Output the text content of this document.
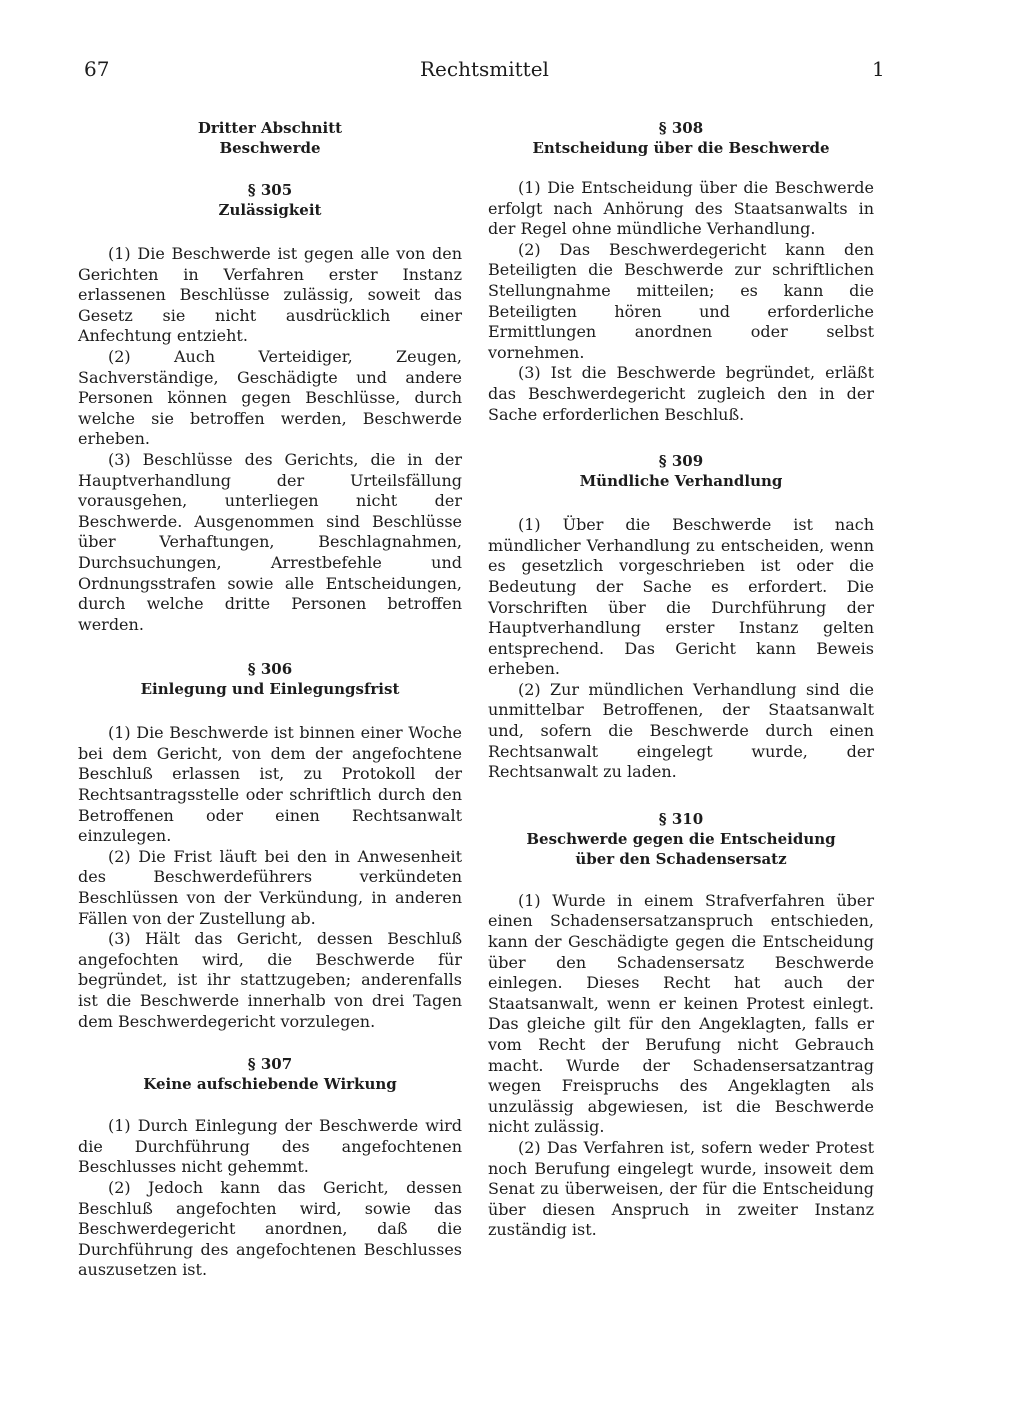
67	Rechtsmittel	1
Dritter Abschnitt
Beschwerde
§ 305
Zulässigkeit

(1) Die Beschwerde ist gegen alle von den Gerichten in Verfahren erster Instanz erlassenen Beschlüsse zulässig, soweit das Gesetz sie nicht ausdrücklich einer Anfechtung entzieht.

(2) Auch Verteidiger, Zeugen, Sachverständige, Geschädigte und andere Personen können gegen Beschlüsse, durch welche sie betroffen werden, Beschwerde erheben.

(3) Beschlüsse des Gerichts, die in der Hauptverhandlung der Urteilsfällung vorausgehen, unterliegen nicht der Beschwerde. Ausgenommen sind Beschlüsse über Verhaftungen, Beschlagnahmen, Durchsuchungen, Arrestbefehle und Ordnungsstrafen sowie alle Entscheidungen, durch welche dritte Personen betroffen werden.

§ 306
Einlegung und Einlegungsfrist

(1) Die Beschwerde ist binnen einer Woche bei dem Gericht, von dem der angefochtene Beschluß erlassen ist, zu Protokoll der Rechtsantragsstelle oder schriftlich durch den Betroffenen oder einen Rechtsanwalt einzulegen.

(2) Die Frist läuft bei den in Anwesenheit des Beschwerdeführers verkündeten Beschlüssen von der Verkündung, in anderen Fällen von der Zustellung ab.

(3) Hält das Gericht, dessen Beschluß angefochten wird, die Beschwerde für begründet, ist ihr stattzugeben; anderenfalls ist die Beschwerde innerhalb von drei Tagen dem Beschwerdegericht vorzulegen.

§ 307
Keine aufschiebende Wirkung

(1) Durch Einlegung der Beschwerde wird die Durchführung des angefochtenen Beschlusses nicht gehemmt.

(2) Jedoch kann das Gericht, dessen Beschluß angefochten wird, sowie das Beschwerdegericht anordnen, daß die Durchführung des angefochtenen Beschlusses auszusetzen ist.

§ 308
Entscheidung über die Beschwerde

(1) Die Entscheidung über die Beschwerde erfolgt nach Anhörung des Staatsanwalts in der Regel ohne mündliche Verhandlung.

(2) Das Beschwerdegericht kann den Beteiligten die Beschwerde zur schriftlichen Stellungnahme mitteilen; es kann die Beteiligten hören und erforderliche Ermittlungen anordnen oder selbst vornehmen.

(3) Ist die Beschwerde begründet, erläßt das Beschwerdegericht zugleich den in der Sache erforderlichen Beschluß.

§ 309
Mündliche Verhandlung

(1) Über die Beschwerde ist nach mündlicher Verhandlung zu entscheiden, wenn es gesetzlich vorgeschrieben ist oder die Bedeutung der Sache es erfordert. Die Vorschriften über die Durchführung der Hauptverhandlung erster Instanz gelten entsprechend. Das Gericht kann Beweis erheben.

(2) Zur mündlichen Verhandlung sind die unmittelbar Betroffenen, der Staatsanwalt und, sofern die Beschwerde durch einen Rechtsanwalt eingelegt wurde, der Rechtsanwalt zu laden.

§ 310
Beschwerde gegen die Entscheidung
über den Schadensersatz

(1) Wurde in einem Strafverfahren über einen Schadensersatzanspruch entschieden, kann der Geschädigte gegen die Entscheidung über den Schadensersatz Beschwerde einlegen. Dieses Recht hat auch der Staatsanwalt, wenn er keinen Protest einlegt. Das gleiche gilt für den Angeklagten, falls er vom Recht der Berufung nicht Gebrauch macht. Wurde der Schadensersatzantrag wegen Freispruchs des Angeklagten als unzulässig abgewiesen, ist die Beschwerde nicht zulässig.

(2) Das Verfahren ist, sofern weder Protest noch Berufung eingelegt wurde, insoweit dem Senat zu überweisen, der für die Entscheidung über diesen Anspruch in zweiter Instanz zuständig ist.
